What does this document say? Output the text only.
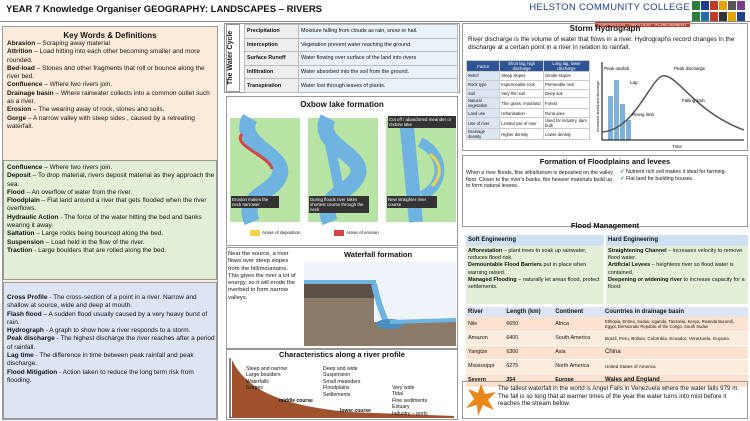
YEAR 7 Knowledge Organiser GEOGRAPHY: LANDSCAPES – RIVERS	HELSTON COMMUNITY COLLEGE
ASPIRATION · AMBITION · ACHIEVEMENT
Key Words & Definitions
Abrasion – Scraping away material
Attrition – Load hitting into each other becoming smaller and more rounded.
Bed-load – Stones and other fragments that roll or bounce along the river bed.
Confluence – Where two rivers join.
Drainage basin – Where rainwater collects into a common outlet such as a river.
Erosion – The wearing away of rock, stones and soils.
Gorge – A narrow valley with steep sides , caused by a retreating waterfall.
Confluence – Where two rivers join.
Deposit – To drop material, rivers deposit material as they approach the sea.
Flood – An overflow of water from the river.
Floodplain – Flat land around a river that gets flooded when the river overflows.
Hydraulic Action - The force of the water hitting the bed and banks wearing it away.
Saltation – Large rocks being bounced along the bed.
Suspension – Load held in the flow of the river.
Traction - Large boulders that are rolled along the bed.
Cross Profile - The cross-section of a point in a river. Narrow and shallow at source, wide and deep at mouth.
Flash flood – A sudden flood usually caused by a very heavy burst of rain.
Hydrograph - A graph to show how a river responds to a storm.
Peak discharge - The highest discharge the river reaches after a period of rainfall.
Lag time - The difference in time between peak rainfall and peak discharge.
Flood Mitigation - Action taken to reduce the long term risk from flooding.
The Water Cycle	Precipitation	Moisture falling from clouds as rain, snow or hail.
Interception	Vegetation prevent water reaching the ground.
Surface Runoff	Water flowing over surface of the land into rivers
Infiltration	Water absorbed into the soil from the ground.
Transpiration	Water lost through leaves of plants.
Oxbow lake formation
Erosion makes the neck narrower
During floods river takes shortest course through the neck
New straighter river course
Cut off / abandoned meander or Oxbow lake
Areas of deposition	Areas of erosion
Waterfall formation
Near the source, a river flows over steep slopes from the hill/mountains. This gives the river a lot of energy, so it will erode the riverbed to form narrow valleys.
Characteristics along a river profile
Steep and narrow
Large boulders
Waterfalls
Gorges
Deep and wide
Suspension
Small meanders
Floodplains
Settlements
Very wide
Tidal
Fine sediments
Estuary
Industry – ports
middle course
lower course
Storm Hydrograph
River discharge is the volume of water that flows in a river. Hydrographs record changes in the discharge at a certain point in a river in relation to rainfall.
Factor	Short lag, high discharge	Long lag, lower discharge
Relief	Steep slopes	Gentle slopes
Rock type	Impermeable rock	Permeable rock
Soil	Very thin soil	Deep soil
Natural vegetation	Thin grass, moorland	Forest
Land use	Urbanisation	Rural area
Use of river	Limited use of river	Used for industry, dam built
Drainage density	Higher density	Lower density
Peak rainfall	Peak discharge
Lag
Rising limb
Falling limb
Time
Increased rainfall and discharge
Formation of Floodplains and levees
When a river floods, fine silt/alluvium is deposited on the valley floor. Closer to the river's banks, the heavier materials build up to form natural levees.
✓ Nutrient rich soil makes it ideal for farming.
✓ Flat land for building houses.
Flood Management
Soft Engineering	Hard Engineering
Afforestation – plant trees to soak up rainwater, reduces flood risk.
Demountable Flood Barriers put in place when warning raised.
Managed Flooding – naturally let areas flood, protect settlements.
Straightening Channel – increases velocity to remove flood water.
Artificial Levees – heightens river so flood water is contained.
Deepening or widening river to increase capacity for a flood.
River	Length (km)	Continent	Countries in drainage basin
Nile	6650	Africa	Ethiopia, Eritrea, Sudan, Uganda, Tanzania, Kenya, Rwanda Burundi, Egypt, Democratic Republic of the Congo, South Sudan
Amazon	6400	South America	Brazil, Peru, Bolivia, Colombia, Ecuador, Venezuela, Guyana
Yangtze	6300	Asia	China
Mississippi	6275	North America	United States of America
Severn	354	Europe	Wales and England
The tallest waterfall in the world is Angel Falls in Venezuela where the water falls 979 m. The fall is so long that at warmer times of the year the water turns into mist before it reaches the stream below.
